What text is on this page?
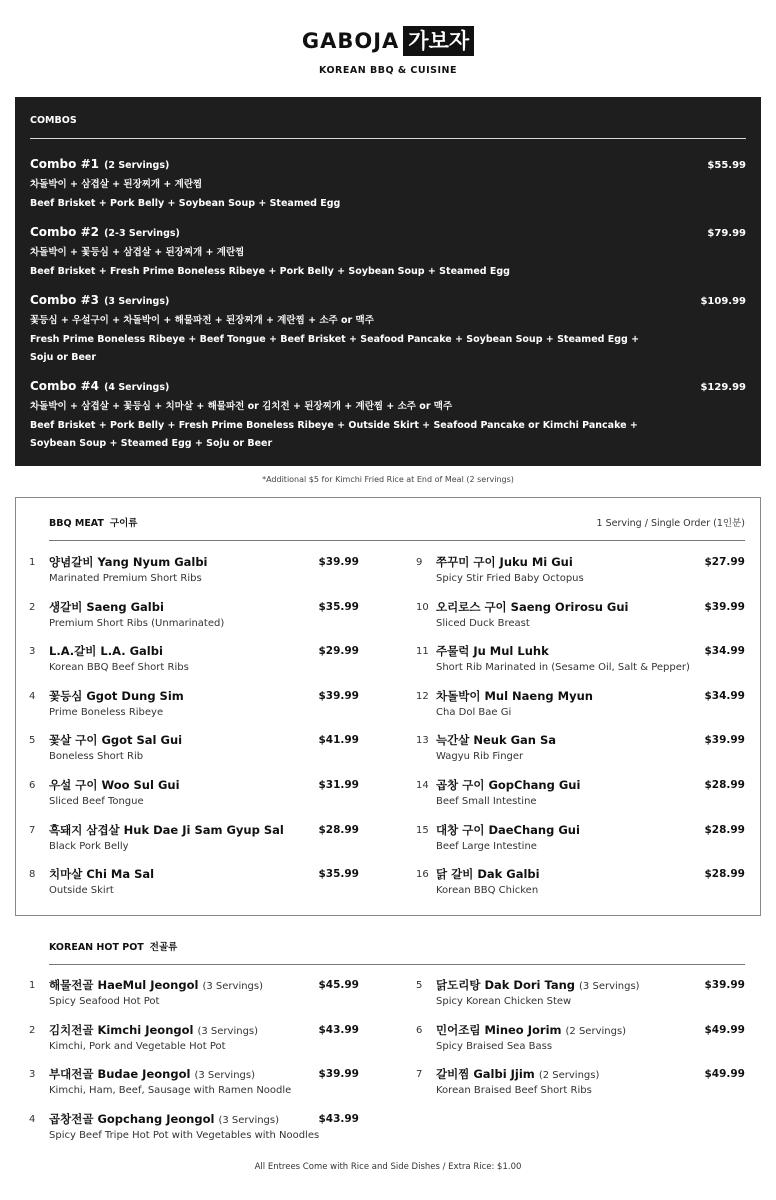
GABOJA 가보자
KOREAN BBQ & CUISINE
COMBOS
Combo #1 (2 Servings)	$55.99
차돌박이 + 삼겹살 + 된장찌개 + 계란찜
Beef Brisket + Pork Belly + Soybean Soup + Steamed Egg
Combo #2 (2-3 Servings)	$79.99
차돌박이 + 꽃등심 + 삼겹살 + 된장찌개 + 계란찜
Beef Brisket + Fresh Prime Boneless Ribeye + Pork Belly + Soybean Soup + Steamed Egg
Combo #3 (3 Servings)	$109.99
꽃등심 + 우설구이 + 차돌박이 + 해물파전 + 된장찌개 + 계란찜 + 소주 or 맥주
Fresh Prime Boneless Ribeye + Beef Tongue + Beef Brisket + Seafood Pancake + Soybean Soup + Steamed Egg + Soju or Beer
Combo #4 (4 Servings)	$129.99
차돌박이 + 삼겹살 + 꽃등심 + 치마살 + 해물파전 or 김치전 + 된장찌개 + 계란찜 + 소주 or 맥주
Beef Brisket + Pork Belly + Fresh Prime Boneless Ribeye + Outside Skirt + Seafood Pancake or Kimchi Pancake + Soybean Soup + Steamed Egg + Soju or Beer
*Additional $5 for Kimchi Fried Rice at End of Meal (2 servings)
BBQ MEAT 구이류	1 Serving / Single Order (1인분)
1	양념갈비 Yang Nyum Galbi
Marinated Premium Short Ribs
$39.99
2	생갈비 Saeng Galbi
Premium Short Ribs (Unmarinated)
$35.99
3	L.A.갈비 L.A. Galbi
Korean BBQ Beef Short Ribs
$29.99
4	꽃등심 Ggot Dung Sim
Prime Boneless Ribeye
$39.99
5	꽃살 구이 Ggot Sal Gui
Boneless Short Rib
$41.99
6	우설 구이 Woo Sul Gui
Sliced Beef Tongue
$31.99
7	흑돼지 삼겹살 Huk Dae Ji Sam Gyup Sal
Black Pork Belly
$28.99
8	치마살 Chi Ma Sal
Outside Skirt
$35.99
9	쭈꾸미 구이 Juku Mi Gui
Spicy Stir Fried Baby Octopus
$27.99
10 오리로스 구이 Saeng Orirosu Gui
Sliced Duck Breast
$39.99
11 주물럭 Ju Mul Luhk
Short Rib Marinated in (Sesame Oil, Salt & Pepper)
$34.99
12 차돌박이 Mul Naeng Myun
Cha Dol Bae Gi
$34.99
13 늑간살 Neuk Gan Sa
Wagyu Rib Finger
$39.99
14 곱창 구이 GopChang Gui
Beef Small Intestine
$28.99
15 대창 구이 DaeChang Gui
Beef Large Intestine
$28.99
16 닭 갈비 Dak Galbi
Korean BBQ Chicken
$28.99
KOREAN HOT POT 전골류
1	해물전골 HaeMul Jeongol (3 Servings)
Spicy Seafood Hot Pot
$45.99
2	김치전골 Kimchi Jeongol (3 Servings)
Kimchi, Pork and Vegetable Hot Pot
$43.99
3	부대전골 Budae Jeongol (3 Servings)
Kimchi, Ham, Beef, Sausage with Ramen Noodle
$39.99
4	곱창전골 Gopchang Jeongol (3 Servings)
Spicy Beef Tripe Hot Pot with Vegetables with Noodles
$43.99
5	닭도리탕 Dak Dori Tang (3 Servings)
Spicy Korean Chicken Stew
$39.99
6	민어조림 Mineo Jorim (2 Servings)
Spicy Braised Sea Bass
$49.99
7	갈비찜 Galbi Jjim (2 Servings)
Korean Braised Beef Short Ribs
$49.99
All Entrees Come with Rice and Side Dishes / Extra Rice: $1.00
